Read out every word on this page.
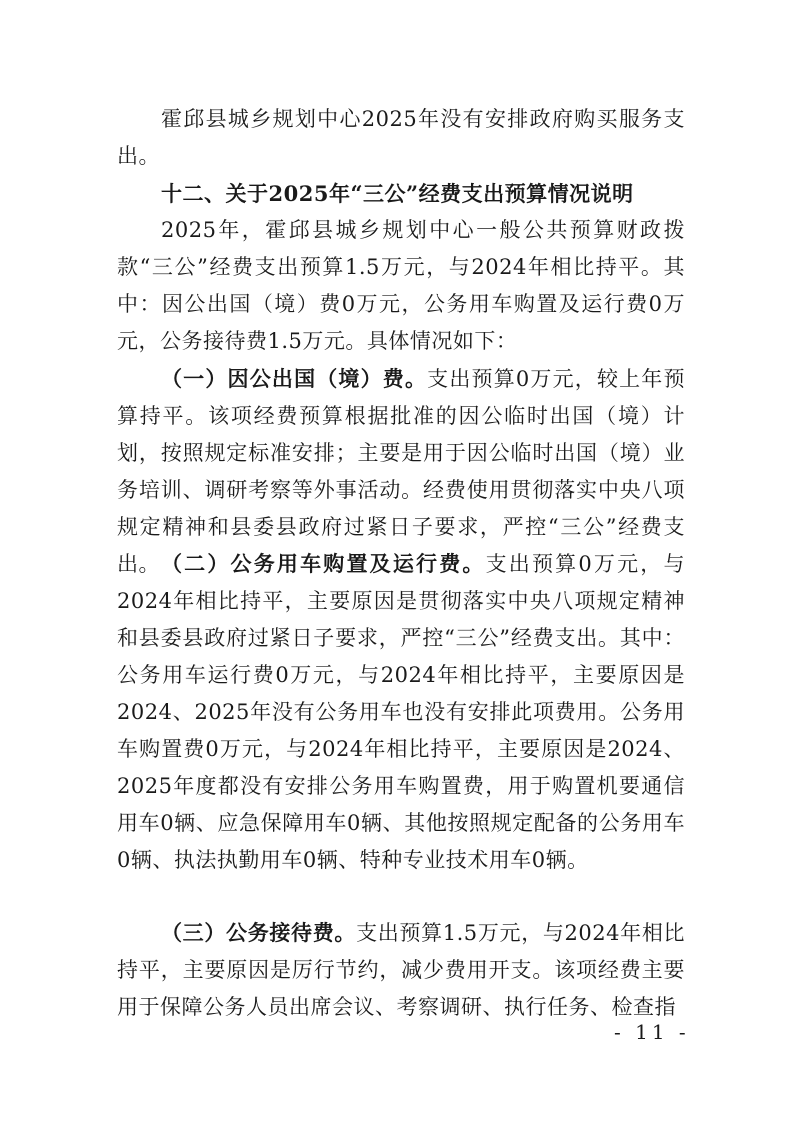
霍邱县城乡规划中心2025年没有安排政府购买服务支出。

十二、关于2025年“三公”经费支出预算情况说明

2025年，霍邱县城乡规划中心一般公共预算财政拨款“三公”经费支出预算1.5万元，与2024年相比持平。其中：因公出国（境）费0万元，公务用车购置及运行费0万元，公务接待费1.5万元。具体情况如下：

（一）因公出国（境）费。支出预算0万元，较上年预算持平。该项经费预算根据批准的因公临时出国（境）计划，按照规定标准安排；主要是用于因公临时出国（境）业务培训、调研考察等外事活动。经费使用贯彻落实中央八项规定精神和县委县政府过紧日子要求，严控“三公”经费支出。 （二）公务用车购置及运行费。支出预算0万元，与2024年相比持平，主要原因是贯彻落实中央八项规定精神和县委县政府过紧日子要求，严控“三公”经费支出。其中：公务用车运行费0万元，与2024年相比持平，主要原因是2024、2025年没有公务用车也没有安排此项费用。公务用车购置费0万元，与2024年相比持平，主要原因是2024、2025年度都没有安排公务用车购置费，用于购置机要通信用车0辆、应急保障用车0辆、其他按照规定配备的公务用车0辆、执法执勤用车0辆、特种专业技术用车0辆。

（三）公务接待费。支出预算1.5万元，与2024年相比持平，主要原因是厉行节约，减少费用开支。该项经费主要用于保障公务人员出席会议、考察调研、执行任务、检查指

- 11 -
